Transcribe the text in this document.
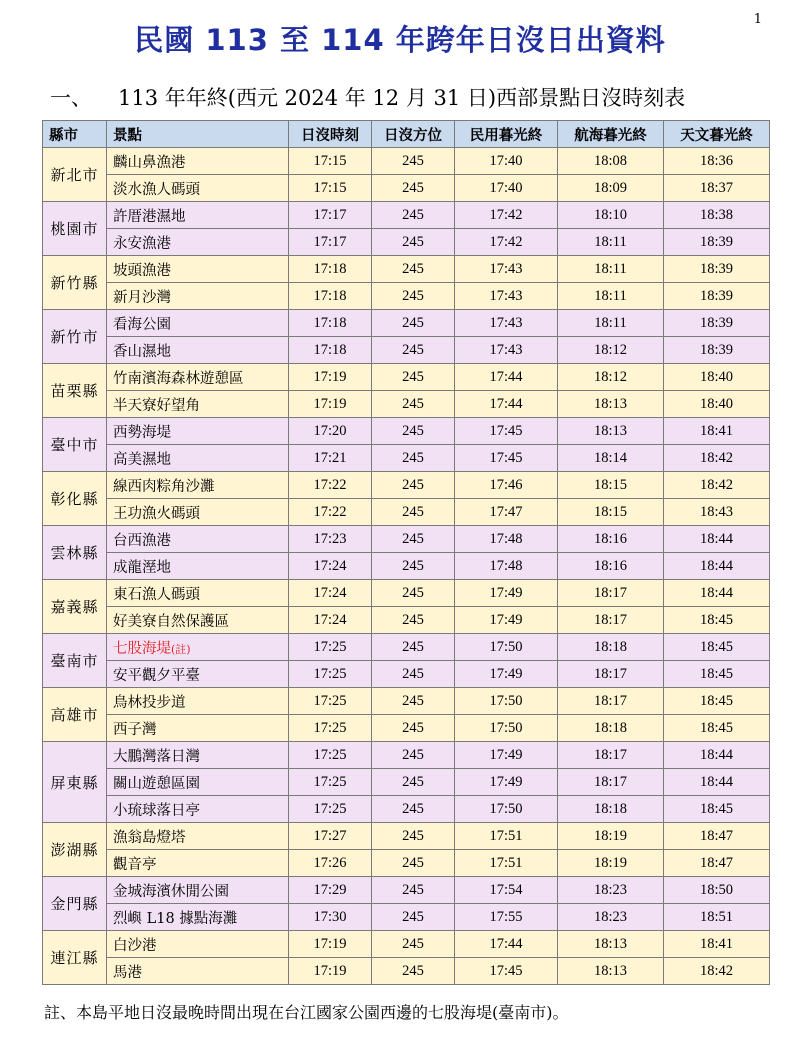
1
民國 113 至 114 年跨年日沒日出資料
一、 113 年年終(西元 2024 年 12 月 31 日)西部景點日沒時刻表
縣市	景點	日沒時刻	日沒方位	民用暮光終	航海暮光終	天文暮光終
新北市	麟山鼻漁港	17:15	245	17:40	18:08	18:36
	淡水漁人碼頭	17:15	245	17:40	18:09	18:37
桃園市	許厝港濕地	17:17	245	17:42	18:10	18:38
	永安漁港	17:17	245	17:42	18:11	18:39
新竹縣	坡頭漁港	17:18	245	17:43	18:11	18:39
	新月沙灣	17:18	245	17:43	18:11	18:39
新竹市	看海公園	17:18	245	17:43	18:11	18:39
	香山濕地	17:18	245	17:43	18:12	18:39
苗栗縣	竹南濱海森林遊憩區	17:19	245	17:44	18:12	18:40
	半天寮好望角	17:19	245	17:44	18:13	18:40
臺中市	西勢海堤	17:20	245	17:45	18:13	18:41
	高美濕地	17:21	245	17:45	18:14	18:42
彰化縣	線西肉粽角沙灘	17:22	245	17:46	18:15	18:42
	王功漁火碼頭	17:22	245	17:47	18:15	18:43
雲林縣	台西漁港	17:23	245	17:48	18:16	18:44
	成龍溼地	17:24	245	17:48	18:16	18:44
嘉義縣	東石漁人碼頭	17:24	245	17:49	18:17	18:44
	好美寮自然保護區	17:24	245	17:49	18:17	18:45
臺南市	七股海堤(註)	17:25	245	17:50	18:18	18:45
	安平觀夕平臺	17:25	245	17:49	18:17	18:45
高雄市	鳥林投步道	17:25	245	17:50	18:17	18:45
	西子灣	17:25	245	17:50	18:18	18:45
屏東縣	大鵬灣落日灣	17:25	245	17:49	18:17	18:44
	關山遊憩區園	17:25	245	17:49	18:17	18:44
	小琉球落日亭	17:25	245	17:50	18:18	18:45
澎湖縣	漁翁島燈塔	17:27	245	17:51	18:19	18:47
	觀音亭	17:26	245	17:51	18:19	18:47
金門縣	金城海濱休閒公園	17:29	245	17:54	18:23	18:50
	烈嶼 L18 據點海灘	17:30	245	17:55	18:23	18:51
連江縣	白沙港	17:19	245	17:44	18:13	18:41
	馬港	17:19	245	17:45	18:13	18:42
註、本島平地日沒最晚時間出現在台江國家公園西邊的七股海堤(臺南市)。
